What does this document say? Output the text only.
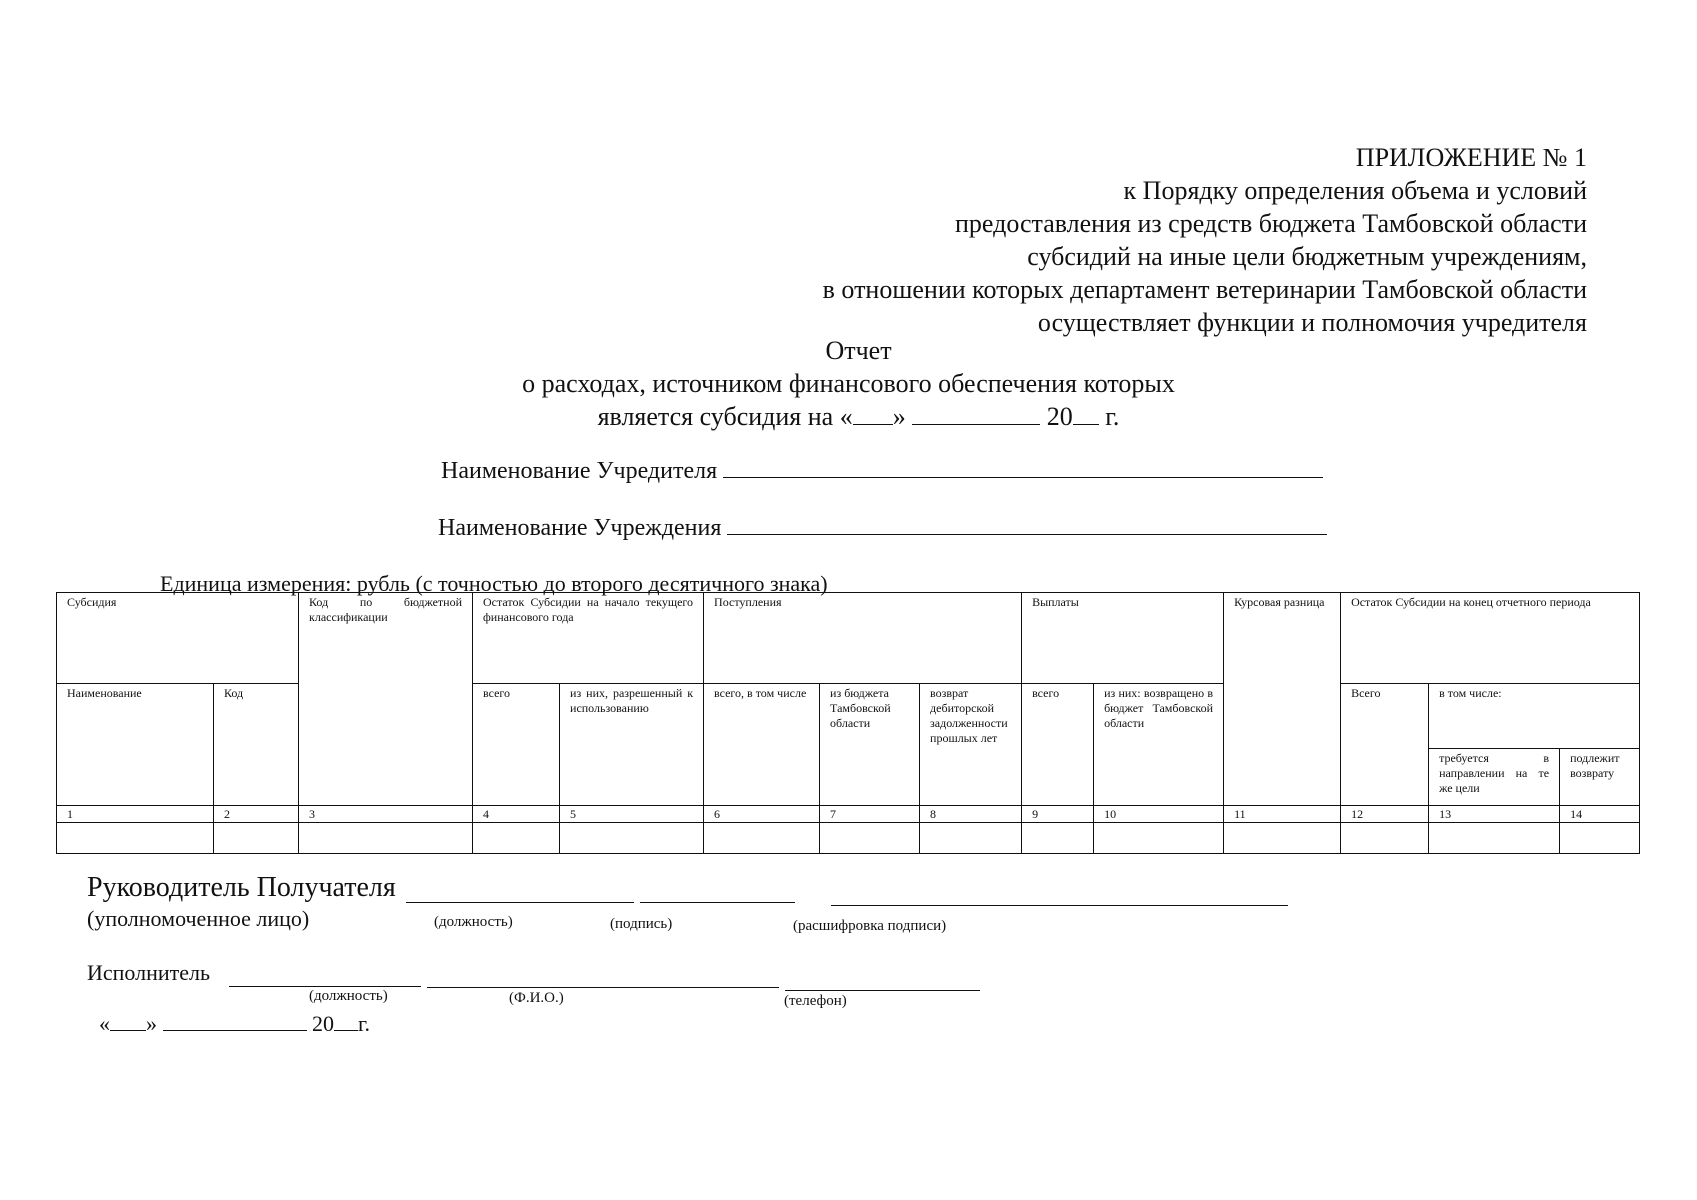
ПРИЛОЖЕНИЕ № 1
к Порядку определения объема и условий
предоставления из средств бюджета Тамбовской области
субсидий на иные цели бюджетным учреждениям,
в отношении которых департамент ветеринарии Тамбовской области
осуществляет функции и полномочия учредителя
Отчет
о расходах, источником финансового обеспечения которых
является субсидия на « »	20 г.
Наименование Учредителя
Наименование Учреждения
Единица измерения: рубль (с точностью до второго десятичного знака)
Субсидия		Код по бюджетной классификации	Остаток Субсидии на начало текущего финансового года		Поступления			Выплаты		Курсовая разница	Остаток Субсидии на конец отчетного периода		
Наименование	Код		всего	из них, разрешенный к использованию	всего, в том числе	из бюджета Тамбовской области	возврат дебиторской задолженности прошлых лет	всего	из них: возвращено в бюджет Тамбовской области		Всего	в том числе:	
												требуется в направлении на те же цели	подлежит возврату
1	2	3	4	5	6	7	8	9	10	11	12	13	14

Руководитель Получателя
(уполномоченное лицо)	(должность)	(подпись)	(расшифровка подписи)
Исполнитель
(должность)	(Ф.И.О.)	(телефон)
« »	20 г.
